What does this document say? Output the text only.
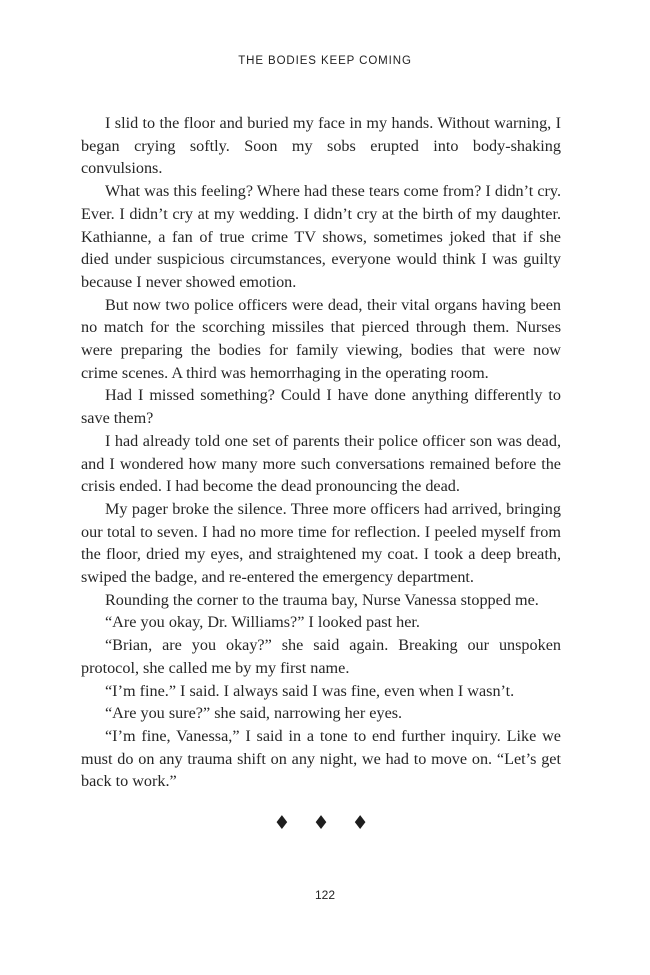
THE BODIES KEEP COMING

I slid to the floor and buried my face in my hands. Without warning, I began crying softly. Soon my sobs erupted into body-shaking convulsions.

What was this feeling? Where had these tears come from? I didn’t cry. Ever. I didn’t cry at my wedding. I didn’t cry at the birth of my daughter. Kathianne, a fan of true crime TV shows, sometimes joked that if she died under suspicious circumstances, everyone would think I was guilty because I never showed emotion.

But now two police officers were dead, their vital organs having been no match for the scorching missiles that pierced through them. Nurses were preparing the bodies for family viewing, bodies that were now crime scenes. A third was hemorrhaging in the operating room.

Had I missed something? Could I have done anything differently to save them?

I had already told one set of parents their police officer son was dead, and I wondered how many more such conversations remained before the crisis ended. I had become the dead pronouncing the dead.

My pager broke the silence. Three more officers had arrived, bringing our total to seven. I had no more time for reflection. I peeled myself from the floor, dried my eyes, and straightened my coat. I took a deep breath, swiped the badge, and re-entered the emergency department.

Rounding the corner to the trauma bay, Nurse Vanessa stopped me.

“Are you okay, Dr. Williams?” I looked past her.

“Brian, are you okay?” she said again. Breaking our unspoken protocol, she called me by my first name.

“I’m fine.” I said. I always said I was fine, even when I wasn’t.

“Are you sure?” she said, narrowing her eyes.

“I’m fine, Vanessa,” I said in a tone to end further inquiry. Like we must do on any trauma shift on any night, we had to move on. “Let’s get back to work.”

♦ ♦ ♦
122
